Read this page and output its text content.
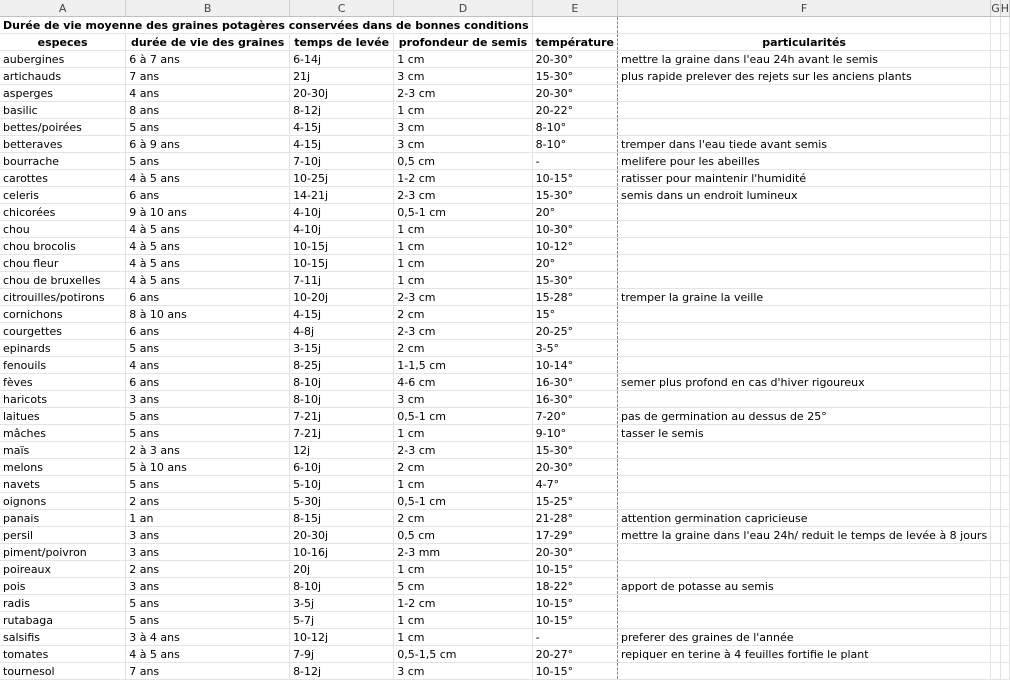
A	B	C	D	E	F	G	H
Durée de vie moyenne des graines potagères conservées dans de bonnes conditions							
especes	durée de vie des graines	temps de levée	profondeur de semis	température	particularités		
aubergines	6 à 7 ans	6-14j	1 cm	20-30°	mettre la graine dans l'eau 24h avant le semis		
artichauds	7 ans	21j	3 cm	15-30°	plus rapide prelever des rejets sur les anciens plants		
asperges	4 ans	20-30j	2-3 cm	20-30°			
basilic	8 ans	8-12j	1 cm	20-22°			
bettes/poirées	5 ans	4-15j	3 cm	8-10°			
betteraves	6 à 9 ans	4-15j	3 cm	8-10°	tremper dans l'eau tiede avant semis		
bourrache	5 ans	7-10j	0,5 cm	-	melifere pour les abeilles		
carottes	4 à 5 ans	10-25j	1-2 cm	10-15°	ratisser pour maintenir l'humidité		
celeris	6 ans	14-21j	2-3 cm	15-30°	semis dans un endroit lumineux		
chicorées	9 à 10 ans	4-10j	0,5-1 cm	20°			
chou	4 à 5 ans	4-10j	1 cm	10-30°			
chou brocolis	4 à 5 ans	10-15j	1 cm	10-12°			
chou fleur	4 à 5 ans	10-15j	1 cm	20°			
chou de bruxelles	4 à 5 ans	7-11j	1 cm	15-30°			
citrouilles/potirons	6 ans	10-20j	2-3 cm	15-28°	tremper la graine la veille		
cornichons	8 à 10 ans	4-15j	2 cm	15°			
courgettes	6 ans	4-8j	2-3 cm	20-25°			
epinards	5 ans	3-15j	2 cm	3-5°			
fenouils	4 ans	8-25j	1-1,5 cm	10-14°			
fèves	6 ans	8-10j	4-6 cm	16-30°	semer plus profond en cas d'hiver rigoureux		
haricots	3 ans	8-10j	3 cm	16-30°			
laitues	5 ans	7-21j	0,5-1 cm	7-20°	pas de germination au dessus de 25°		
mâches	5 ans	7-21j	1 cm	9-10°	tasser le semis		
maïs	2 à 3 ans	12j	2-3 cm	15-30°			
melons	5 à 10 ans	6-10j	2 cm	20-30°			
navets	5 ans	5-10j	1 cm	4-7°			
oignons	2 ans	5-30j	0,5-1 cm	15-25°			
panais	1 an	8-15j	2 cm	21-28°	attention germination capricieuse		
persil	3 ans	20-30j	0,5 cm	17-29°	mettre la graine dans l'eau 24h/ reduit le temps de levée à 8 jours		
piment/poivron	3 ans	10-16j	2-3 mm	20-30°			
poireaux	2 ans	20j	1 cm	10-15°			
pois	3 ans	8-10j	5 cm	18-22°	apport de potasse au semis		
radis	5 ans	3-5j	1-2 cm	10-15°			
rutabaga	5 ans	5-7j	1 cm	10-15°			
salsifis	3 à 4 ans	10-12j	1 cm	-	preferer des graines de l'année		
tomates	4 à 5 ans	7-9j	0,5-1,5 cm	20-27°	repiquer en terine à 4 feuilles fortifie le plant		
tournesol	7 ans	8-12j	3 cm	10-15°			
